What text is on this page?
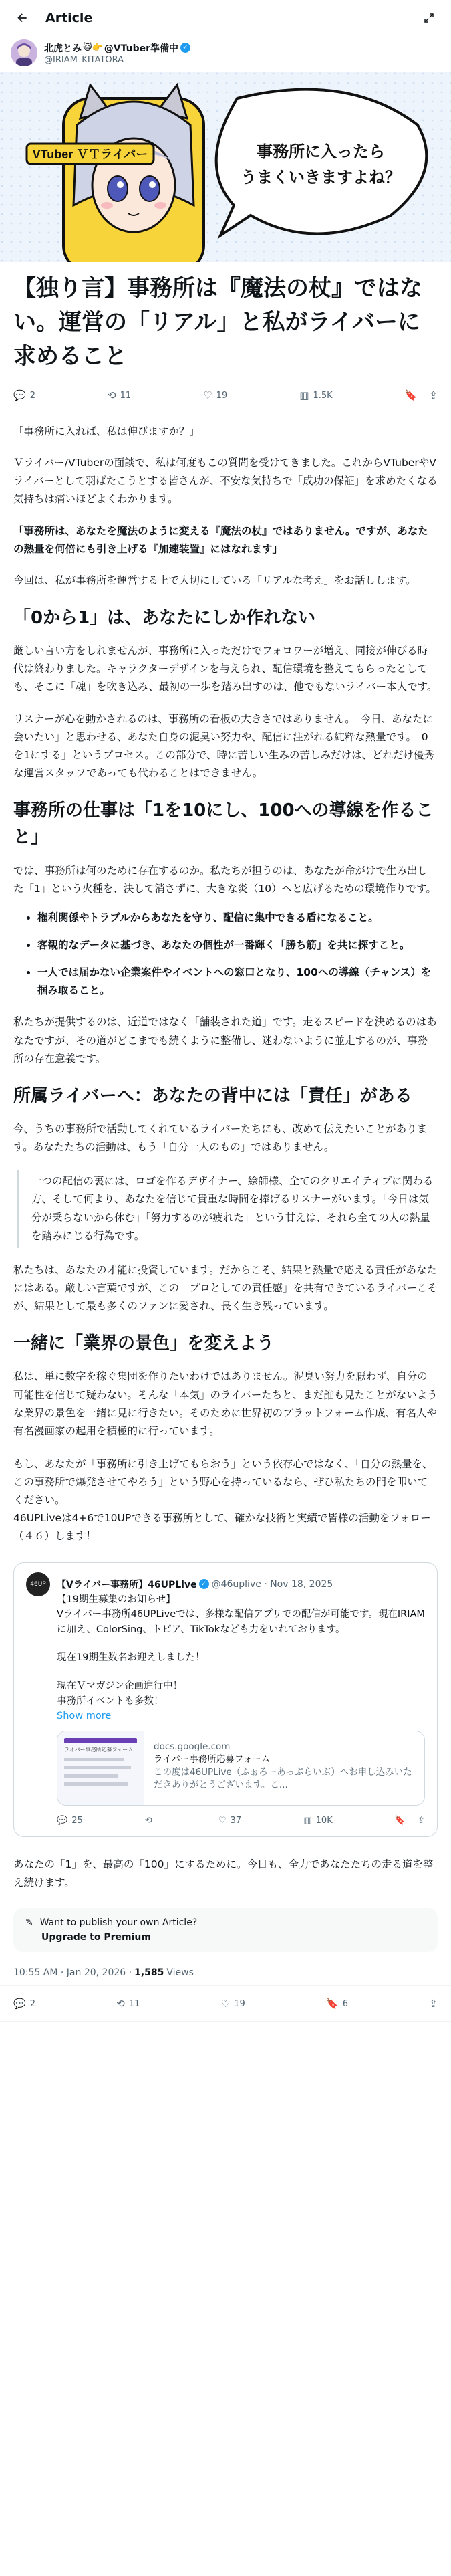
Article
北虎とみ 😺👉 @VTuber準備中 ✓
@IRIAM_KITATORA
VTuber ＶＴライバー	事務所に入ったら
うまくいきますよね？
【独り言】事務所は『魔法の杖』ではない。運営の「リアル」と私がライバーに求めること
💬 2	⟲ 11	♡ 19	▥ 1.5K	🔖 ⇪

「事務所に入れば、私は伸びますか？」

Ｖライバー/VTuberの面談で、私は何度もこの質問を受けてきました。これからVTuberやVライバーとして羽ばたこうとする皆さんが、不安な気持ちで「成功の保証」を求めたくなる気持ちは痛いほどよくわかります。

「事務所は、あなたを魔法のように変える『魔法の杖』ではありません。ですが、あなたの熱量を何倍にも引き上げる『加速装置』にはなれます」

今回は、私が事務所を運営する上で大切にしている「リアルな考え」をお話しします。

「0から1」は、あなたにしか作れない

厳しい言い方をしれませんが、事務所に入っただけでフォロワーが増え、同接が伸びる時代は終わりました。キャラクターデザインを与えられ、配信環境を整えてもらったとしても、そこに「魂」を吹き込み、最初の一歩を踏み出すのは、他でもないライバー本人です。

リスナーが心を動かされるのは、事務所の看板の大きさではありません。「今日、あなたに会いたい」と思わせる、あなた自身の泥臭い努力や、配信に注がれる純粋な熱量です。「0を1にする」というプロセス。この部分で、時に苦しい生みの苦しみだけは、どれだけ優秀な運営スタッフであっても代わることはできません。

事務所の仕事は「1を10にし、100への導線を作ること」

では、事務所は何のために存在するのか。私たちが担うのは、あなたが命がけで生み出した「1」という火種を、決して消さずに、大きな炎（10）へと広げるための環境作りです。

• 権利関係やトラブルからあなたを守り、配信に集中できる盾になること。
• 客観的なデータに基づき、あなたの個性が一番輝く「勝ち筋」を共に探すこと。
• 一人では届かない企業案件やイベントへの窓口となり、100への導線（チャンス）を掴み取ること。

私たちが提供するのは、近道ではなく「舗装された道」です。走るスピードを決めるのはあなたですが、その道がどこまでも続くように整備し、迷わないように並走するのが、事務所の存在意義です。

所属ライバーへ：あなたの背中には「責任」がある

今、うちの事務所で活動してくれているライバーたちにも、改めて伝えたいことがあります。あなたたちの活動は、もう「自分一人のもの」ではありません。

一つの配信の裏には、ロゴを作るデザイナー、絵師様、全てのクリエイティブに関わる方、そして何より、あなたを信じて貴重な時間を捧げるリスナーがいます。「今日は気分が乗らないから休む」「努力するのが疲れた」という甘えは、それら全ての人の熱量を踏みにじる行為です。

私たちは、あなたの才能に投資しています。だからこそ、結果と熱量で応える責任があなたにはある。厳しい言葉ですが、この「プロとしての責任感」を共有できているライバーこそが、結果として最も多くのファンに愛され、長く生き残っています。

一緒に「業界の景色」を変えよう

私は、単に数字を稼ぐ集団を作りたいわけではありません。泥臭い努力を厭わず、自分の可能性を信じて疑わない。そんな「本気」のライバーたちと、まだ誰も見たことがないような業界の景色を一緒に見に行きたい。そのために世界初のプラットフォーム作成、有名人や有名漫画家の起用を積極的に行っています。

もし、あなたが「事務所に引き上げてもらおう」という依存心ではなく、「自分の熱量を、この事務所で爆発させてやろう」という野心を持っているなら、ぜひ私たちの門を叩いてください。

46UPLiveは4+6で10UPできる事務所として、確かな技術と実績で皆様の活動をフォロー（４６）します！

46UP	【Vライバー事務所】46UPLive ✓ @46uplive · Nov 18, 2025
【19期生募集のお知らせ】
Vライバー事務所46UPLiveでは、多様な配信アプリでの配信が可能です。現在IRIAMに加え、ColorSing、トピア、TikTokなども力をいれております。
現在19期生数名お迎えしました！
現在Ｖマガジン企画進行中！
事務所イベントも多数！
Show more
ライバー事務所応募フォーム	docs.google.com
ライバー事務所応募フォーム
この度は46UPLive（ふぉろーあっぷらいぶ）へお申し込みいただきありがとうございます。こ...
💬 25	⟲	♡ 37	▥ 10K	🔖 ⇪

あなたの「1」を、最高の「100」にするために。今日も、全力であなたたちの走る道を整え続けます。

✎ Want to publish your own Article?
Upgrade to Premium
10:55 AM · Jan 20, 2026 · 1,585 Views
💬 2	⟲ 11	♡ 19	🔖 6	⇪
